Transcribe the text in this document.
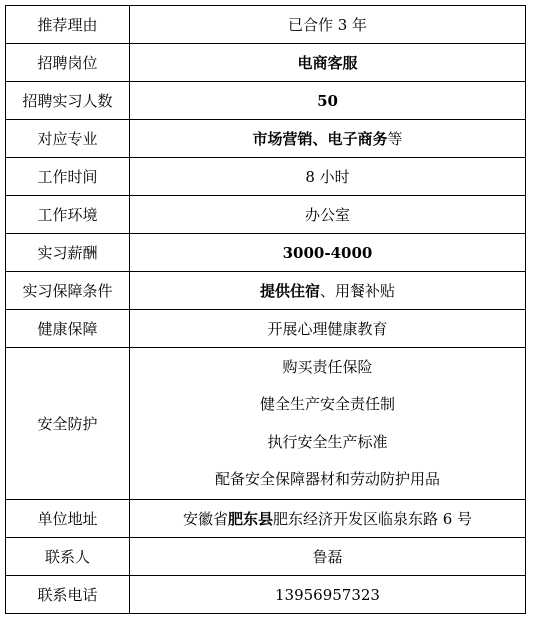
推荐理由	已合作 3 年
招聘岗位	电商客服
招聘实习人数	50
对应专业	市场营销、电子商务等
工作时间	8 小时
工作环境	办公室
实习薪酬	3000-4000
实习保障条件	提供住宿、用餐补贴
健康保障	开展心理健康教育
安全防护	购买责任保险
健全生产安全责任制
执行安全生产标准
配备安全保障器材和劳动防护用品

单位地址	安徽省肥东县肥东经济开发区临泉东路 6 号
联系人	鲁磊
联系电话	13956957323
